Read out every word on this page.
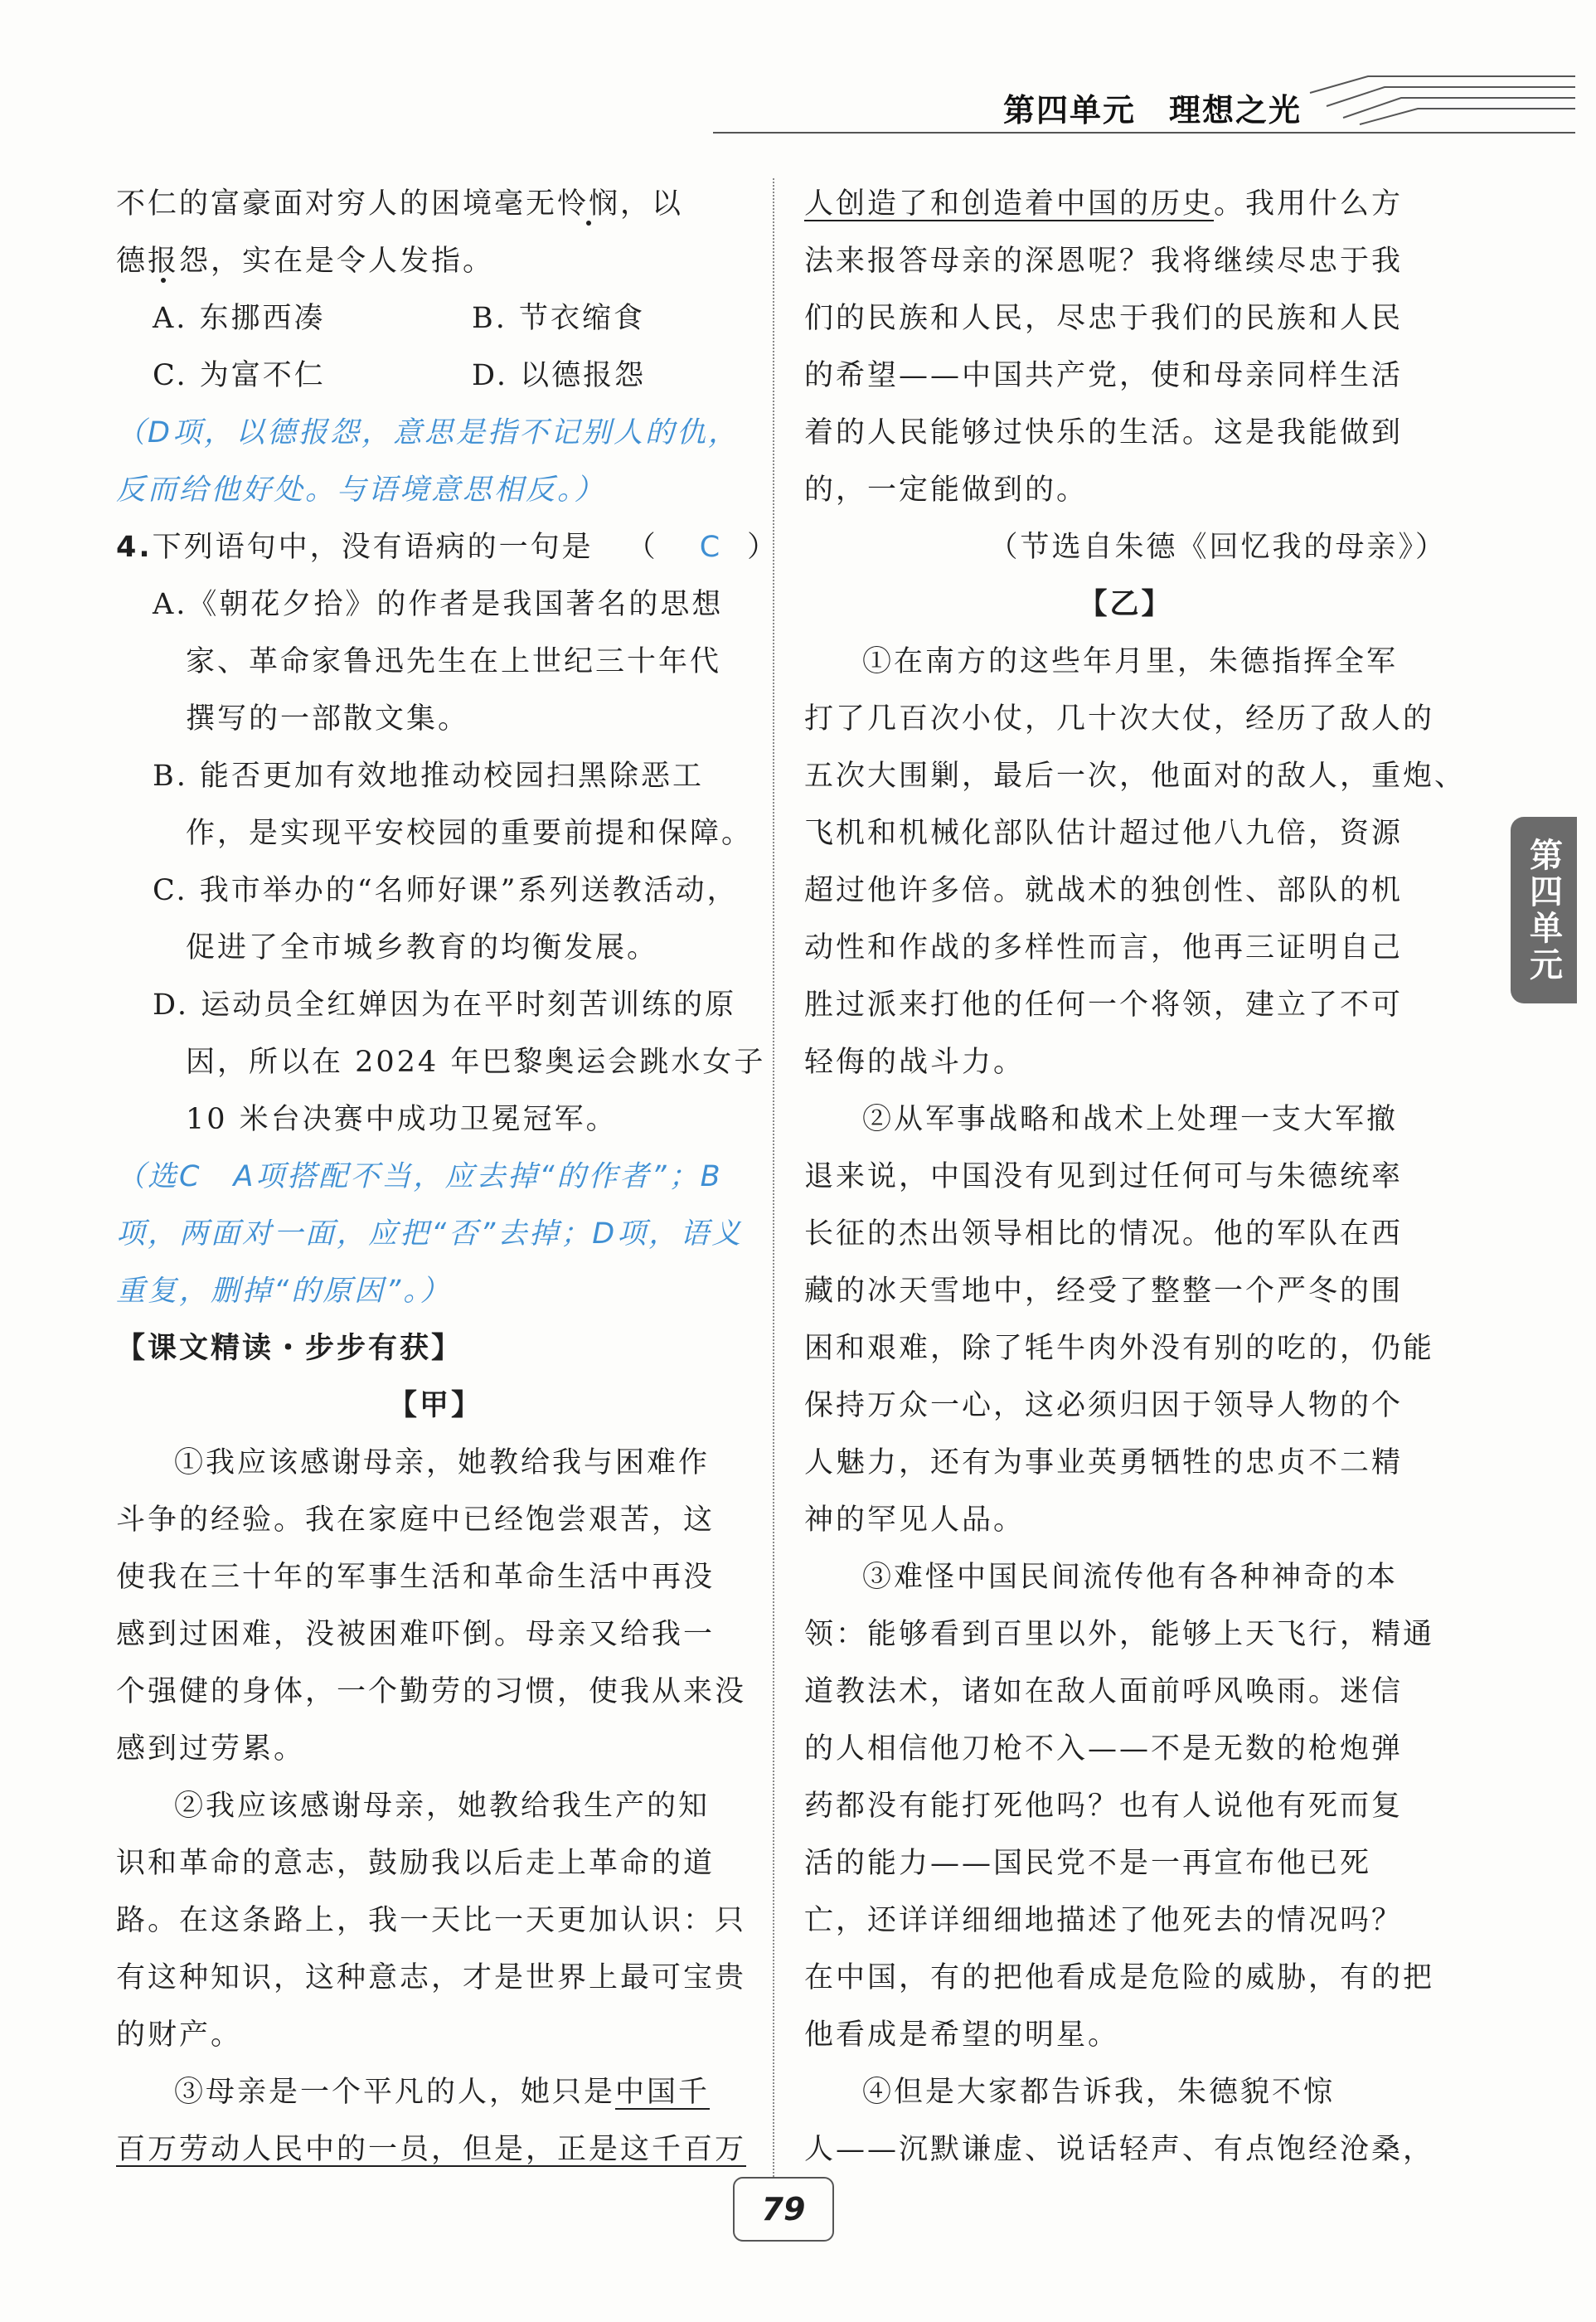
第四单元 理想之光
不仁的富豪面对穷人的困境毫无怜悯，以
德报怨，实在是令人发指。
A. 东挪西凑	B. 节衣缩食
C. 为富不仁	D. 以德报怨
（D项，以德报怨，意思是指不记别人的仇，
反而给他好处。与语境意思相反。）
4.下列语句中，没有语病的一句是 （ C ）
A.《朝花夕拾》的作者是我国著名的思想
家、革命家鲁迅先生在上世纪三十年代
撰写的一部散文集。
B. 能否更加有效地推动校园扫黑除恶工
作，是实现平安校园的重要前提和保障。
C. 我市举办的“名师好课”系列送教活动，
促进了全市城乡教育的均衡发展。
D. 运动员全红婵因为在平时刻苦训练的原
因，所以在 2024 年巴黎奥运会跳水女子
10 米台决赛中成功卫冕冠军。
（选C　A项搭配不当，应去掉“的作者”；B
项，两面对一面，应把“否”去掉；D项，语义
重复，删掉“的原因”。）
【课文精读・步步有获】
【甲】
①我应该感谢母亲，她教给我与困难作
斗争的经验。我在家庭中已经饱尝艰苦，这
使我在三十年的军事生活和革命生活中再没
感到过困难，没被困难吓倒。母亲又给我一
个强健的身体，一个勤劳的习惯，使我从来没
感到过劳累。
②我应该感谢母亲，她教给我生产的知
识和革命的意志，鼓励我以后走上革命的道
路。在这条路上，我一天比一天更加认识：只
有这种知识，这种意志，才是世界上最可宝贵
的财产。
③母亲是一个平凡的人，她只是中国千
百万劳动人民中的一员，但是，正是这千百万
人创造了和创造着中国的历史。我用什么方
法来报答母亲的深恩呢？我将继续尽忠于我
们的民族和人民，尽忠于我们的民族和人民
的希望——中国共产党，使和母亲同样生活
着的人民能够过快乐的生活。这是我能做到
的，一定能做到的。
（节选自朱德《回忆我的母亲》）
【乙】
①在南方的这些年月里，朱德指挥全军
打了几百次小仗，几十次大仗，经历了敌人的
五次大围剿，最后一次，他面对的敌人，重炮、
飞机和机械化部队估计超过他八九倍，资源
超过他许多倍。就战术的独创性、部队的机
动性和作战的多样性而言，他再三证明自己
胜过派来打他的任何一个将领，建立了不可
轻侮的战斗力。
②从军事战略和战术上处理一支大军撤
退来说，中国没有见到过任何可与朱德统率
长征的杰出领导相比的情况。他的军队在西
藏的冰天雪地中，经受了整整一个严冬的围
困和艰难，除了牦牛肉外没有别的吃的，仍能
保持万众一心，这必须归因于领导人物的个
人魅力，还有为事业英勇牺牲的忠贞不二精
神的罕见人品。
③难怪中国民间流传他有各种神奇的本
领：能够看到百里以外，能够上天飞行，精通
道教法术，诸如在敌人面前呼风唤雨。迷信
的人相信他刀枪不入——不是无数的枪炮弹
药都没有能打死他吗？也有人说他有死而复
活的能力——国民党不是一再宣布他已死
亡，还详详细细地描述了他死去的情况吗？
在中国，有的把他看成是危险的威胁，有的把
他看成是希望的明星。
④但是大家都告诉我，朱德貌不惊
人——沉默谦虚、说话轻声、有点饱经沧桑，
第四单元
79
